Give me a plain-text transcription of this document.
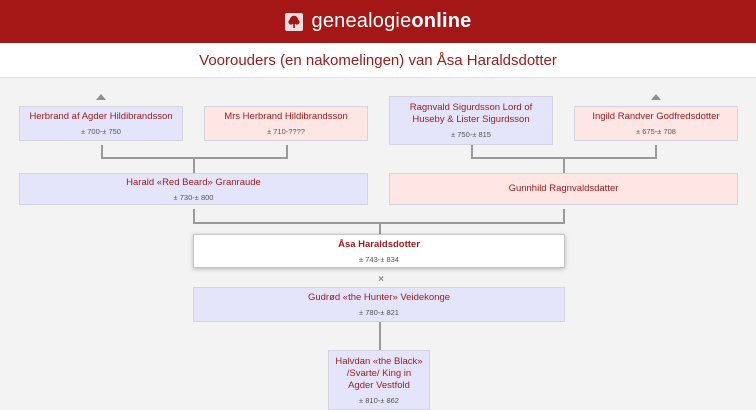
genealogieonline
Voorouders (en nakomelingen) van Åsa Haraldsdotter
Herbrand af Agder Hildibrandsson
± 700-± 750
Mrs Herbrand Hildibrandsson
± 710-????
Ragnvald Sigurdsson Lord of Huseby & Lister Sigurdsson
± 750-± 815
Ingild Randver Godfredsdotter
± 675-± 708
Harald «Red Beard» Granraude
± 730-± 800
Gunnhild Ragnvaldsdatter
Åsa Haraldsdotter
± 743-± 834
×
Gudrød «the Hunter» Veidekonge
± 780-± 821
Halvdan «the Black» /Svarte/ King in Agder Vestfold
± 810-± 862
